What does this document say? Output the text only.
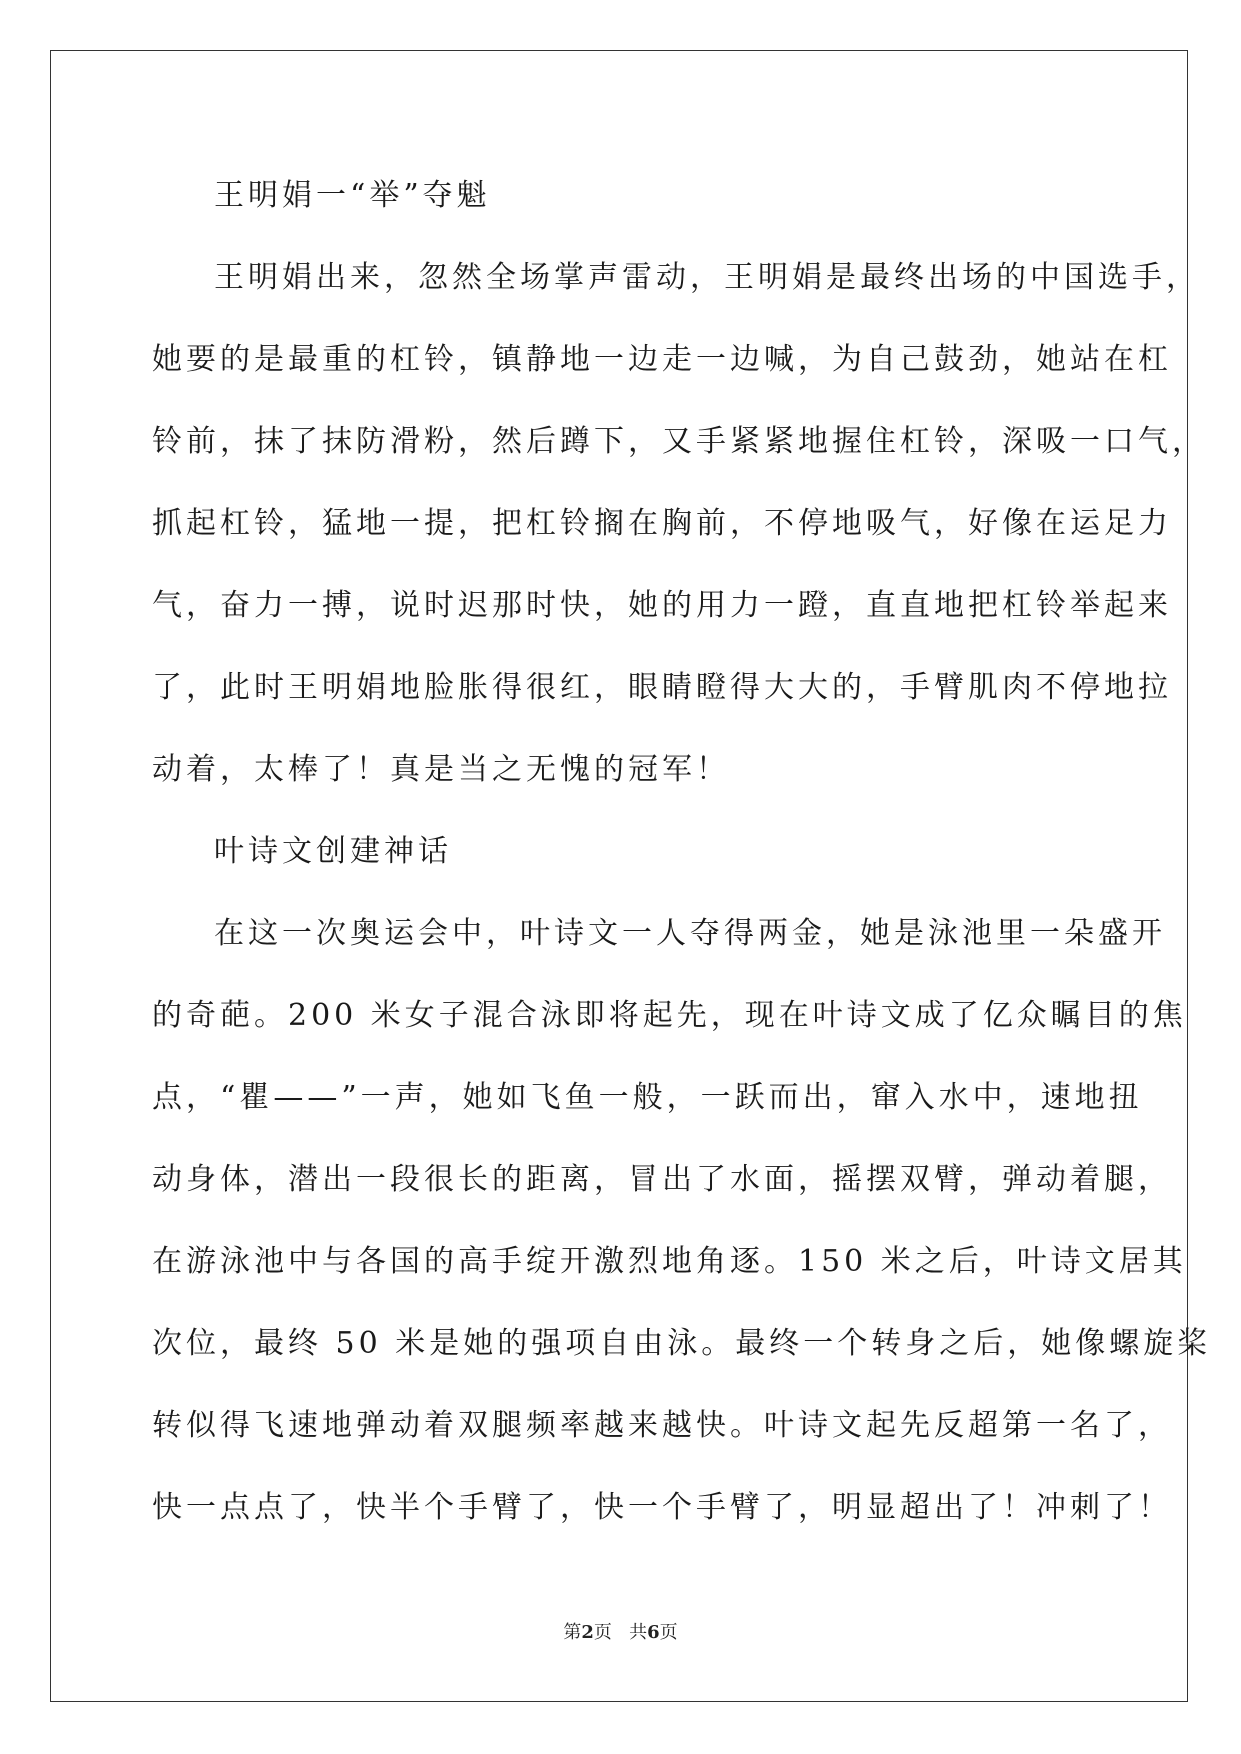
王明娟一“举”夺魁
王明娟出来，忽然全场掌声雷动，王明娟是最终出场的中国选手，
她要的是最重的杠铃，镇静地一边走一边喊，为自己鼓劲，她站在杠
铃前，抹了抹防滑粉，然后蹲下，又手紧紧地握住杠铃，深吸一口气，
抓起杠铃，猛地一提，把杠铃搁在胸前，不停地吸气，好像在运足力
气，奋力一搏，说时迟那时快，她的用力一蹬，直直地把杠铃举起来
了，此时王明娟地脸胀得很红，眼睛瞪得大大的，手臂肌肉不停地拉
动着，太棒了！真是当之无愧的冠军！
叶诗文创建神话
在这一次奥运会中，叶诗文一人夺得两金，她是泳池里一朵盛开
的奇葩。200 米女子混合泳即将起先，现在叶诗文成了亿众瞩目的焦
点，“瞿——”一声，她如飞鱼一般，一跃而出，窜入水中，速地扭
动身体，潜出一段很长的距离，冒出了水面，摇摆双臂，弹动着腿，
在游泳池中与各国的高手绽开激烈地角逐。150 米之后，叶诗文居其
次位，最终 50 米是她的强项自由泳。最终一个转身之后，她像螺旋桨
转似得飞速地弹动着双腿频率越来越快。叶诗文起先反超第一名了，
快一点点了，快半个手臂了，快一个手臂了，明显超出了！冲刺了！
第2页 共6页
